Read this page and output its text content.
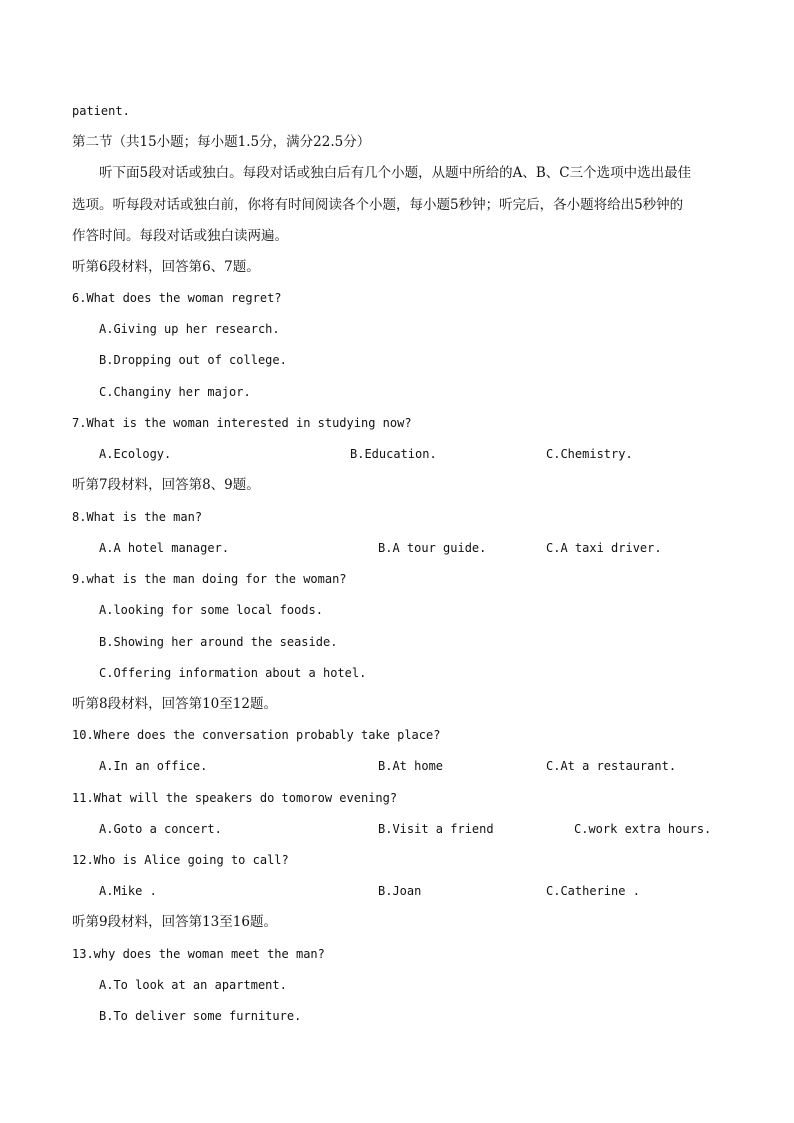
patient.
第二节（共15小题；每小题1.5分，满分22.5分）
听下面5段对话或独白。每段对话或独白后有几个小题，从题中所给的A、B、C三个选项中选出最佳
选项。听每段对话或独白前，你将有时间阅读各个小题，每小题5秒钟；听完后，各小题将给出5秒钟的
作答时间。每段对话或独白读两遍。
听第6段材料，回答第6、7题。
6.What does the woman regret?
A.Giving up her research.
B.Dropping out of college.
C.Changiny her major.
7.What is the woman interested in studying now?
A.Ecology.	B.Education.	C.Chemistry.
听第7段材料，回答第8、9题。
8.What is the man?
A.A hotel manager.	B.A tour guide.	C.A taxi driver.
9.what is the man doing for the woman?
A.looking for some local foods.
B.Showing her around the seaside.
C.Offering information about a hotel.
听第8段材料，回答第10至12题。
10.Where does the conversation probably take place?
A.In an office.	B.At home	C.At a restaurant.
11.What will the speakers do tomorow evening?
A.Goto a concert.	B.Visit a friend	C.work extra hours.
12.Who is Alice going to call?
A.Mike .	B.Joan	C.Catherine .
听第9段材料，回答第13至16题。
13.why does the woman meet the man?
A.To look at an apartment.
B.To deliver some furniture.
